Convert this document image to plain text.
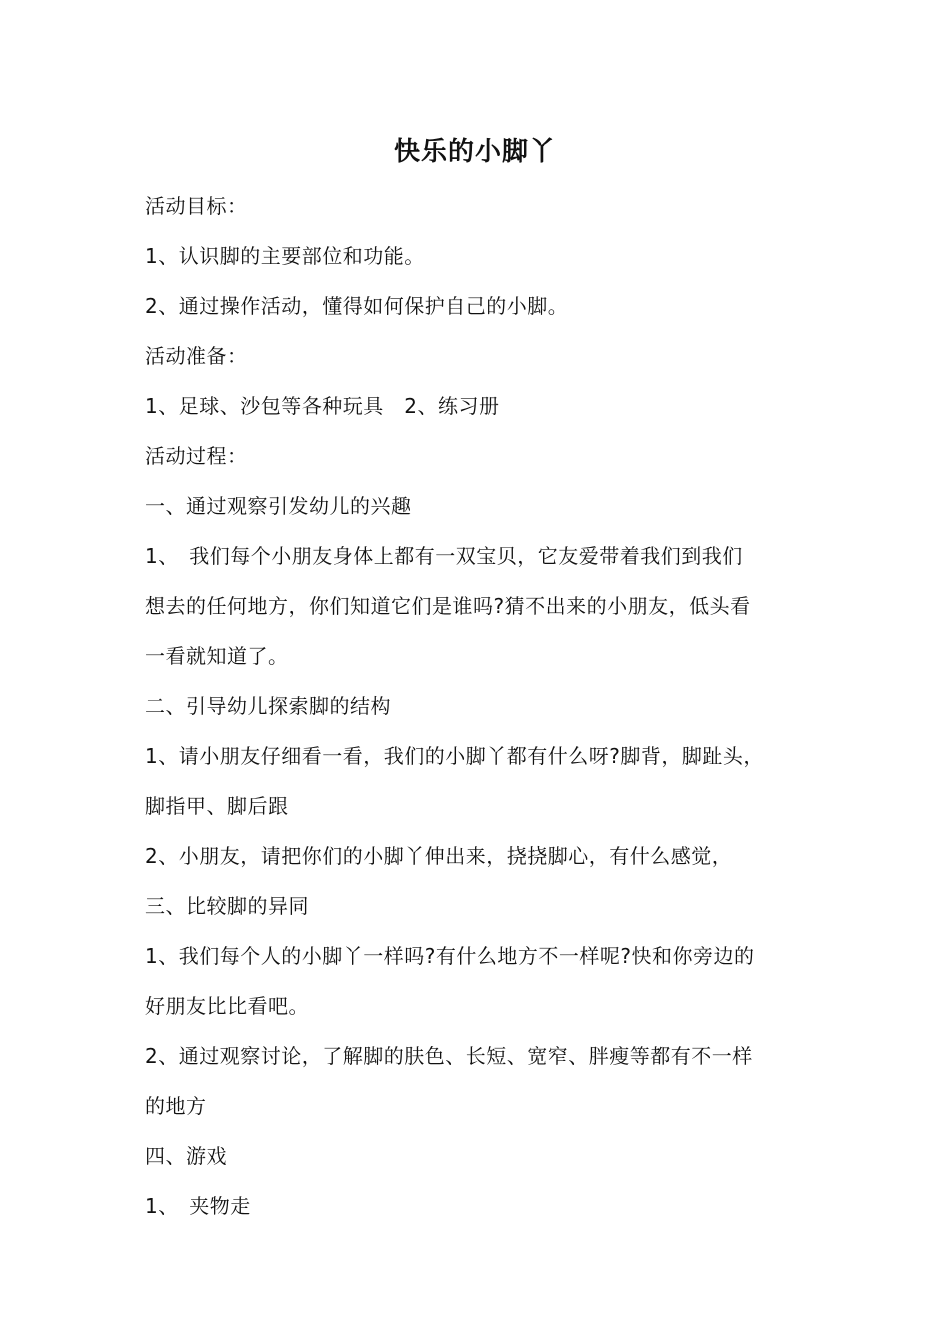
快乐的小脚丫
活动目标：
1、认识脚的主要部位和功能。
2、通过操作活动，懂得如何保护自己的小脚。
活动准备：
1、足球、沙包等各种玩具　2、练习册
活动过程：
一、通过观察引发幼儿的兴趣
1、　我们每个小朋友身体上都有一双宝贝，它友爱带着我们到我们
想去的任何地方，你们知道它们是谁吗?猜不出来的小朋友，低头看
一看就知道了。
二、引导幼儿探索脚的结构
1、请小朋友仔细看一看，我们的小脚丫都有什么呀?脚背，脚趾头，
脚指甲、脚后跟
2、小朋友，请把你们的小脚丫伸出来，挠挠脚心，有什么感觉，
三、比较脚的异同
1、我们每个人的小脚丫一样吗?有什么地方不一样呢?快和你旁边的
好朋友比比看吧。
2、通过观察讨论，了解脚的肤色、长短、宽窄、胖瘦等都有不一样
的地方
四、游戏
1、　夹物走
